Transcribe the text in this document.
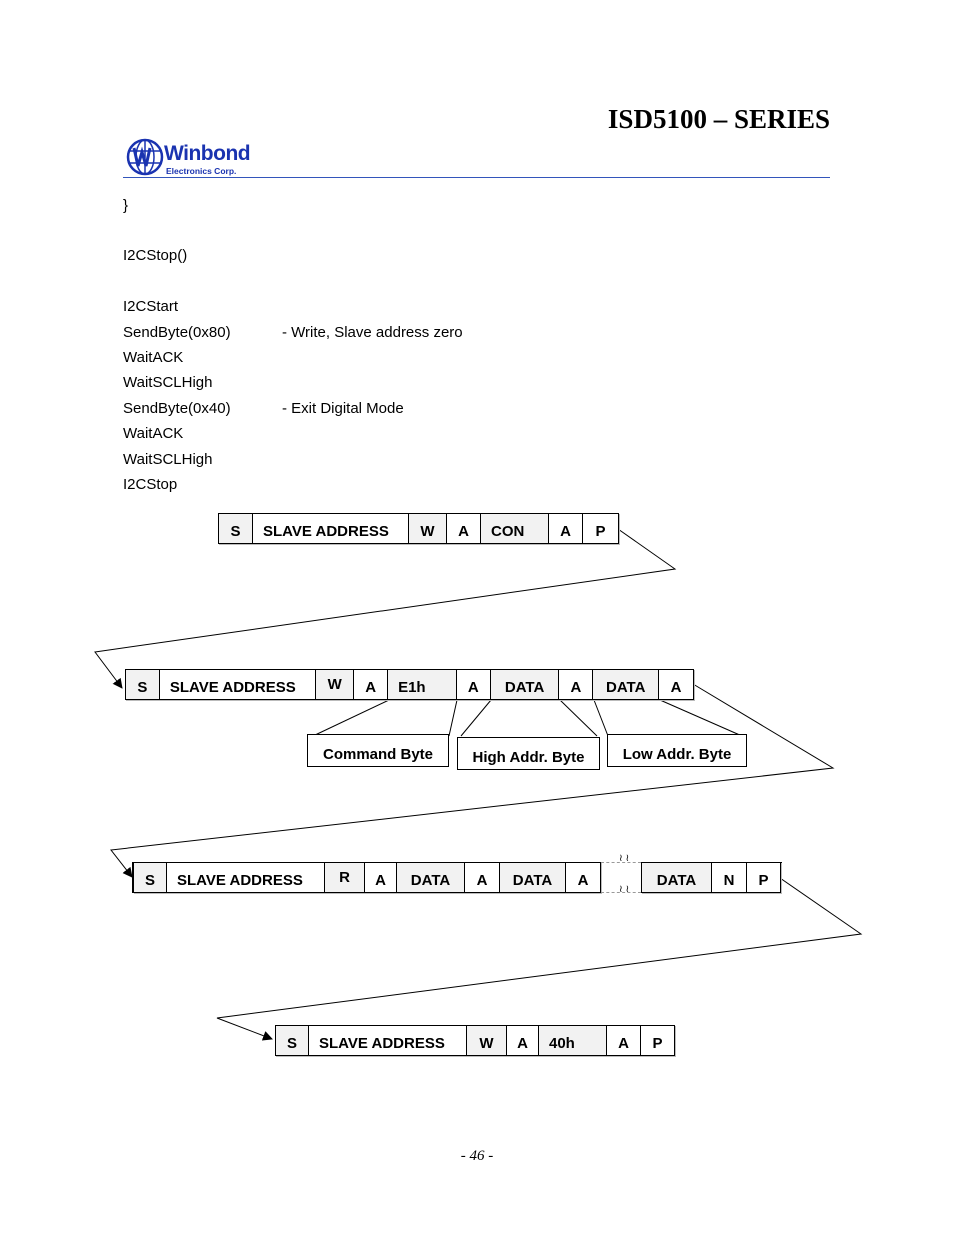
ISD5100 – SERIES
Winbond
Electronics Corp.
}
I2CStop()
I2CStart
SendByte(0x80)	- Write, Slave address zero
WaitACK
WaitSCLHigh
SendByte(0x40)	- Exit Digital Mode
WaitACK
WaitSCLHigh
I2CStop
S	SLAVE ADDRESS	W	A	CON	A	P
S	SLAVE ADDRESS	W	A	E1h	A	DATA	A	DATA	A
Command Byte	High Addr. Byte	Low Addr. Byte
S	SLAVE ADDRESS	R	A	DATA	A	DATA	A
≀ ≀
≀ ≀
DATA	N	P
S	SLAVE ADDRESS	W	A	40h	A	P
- 46 -
